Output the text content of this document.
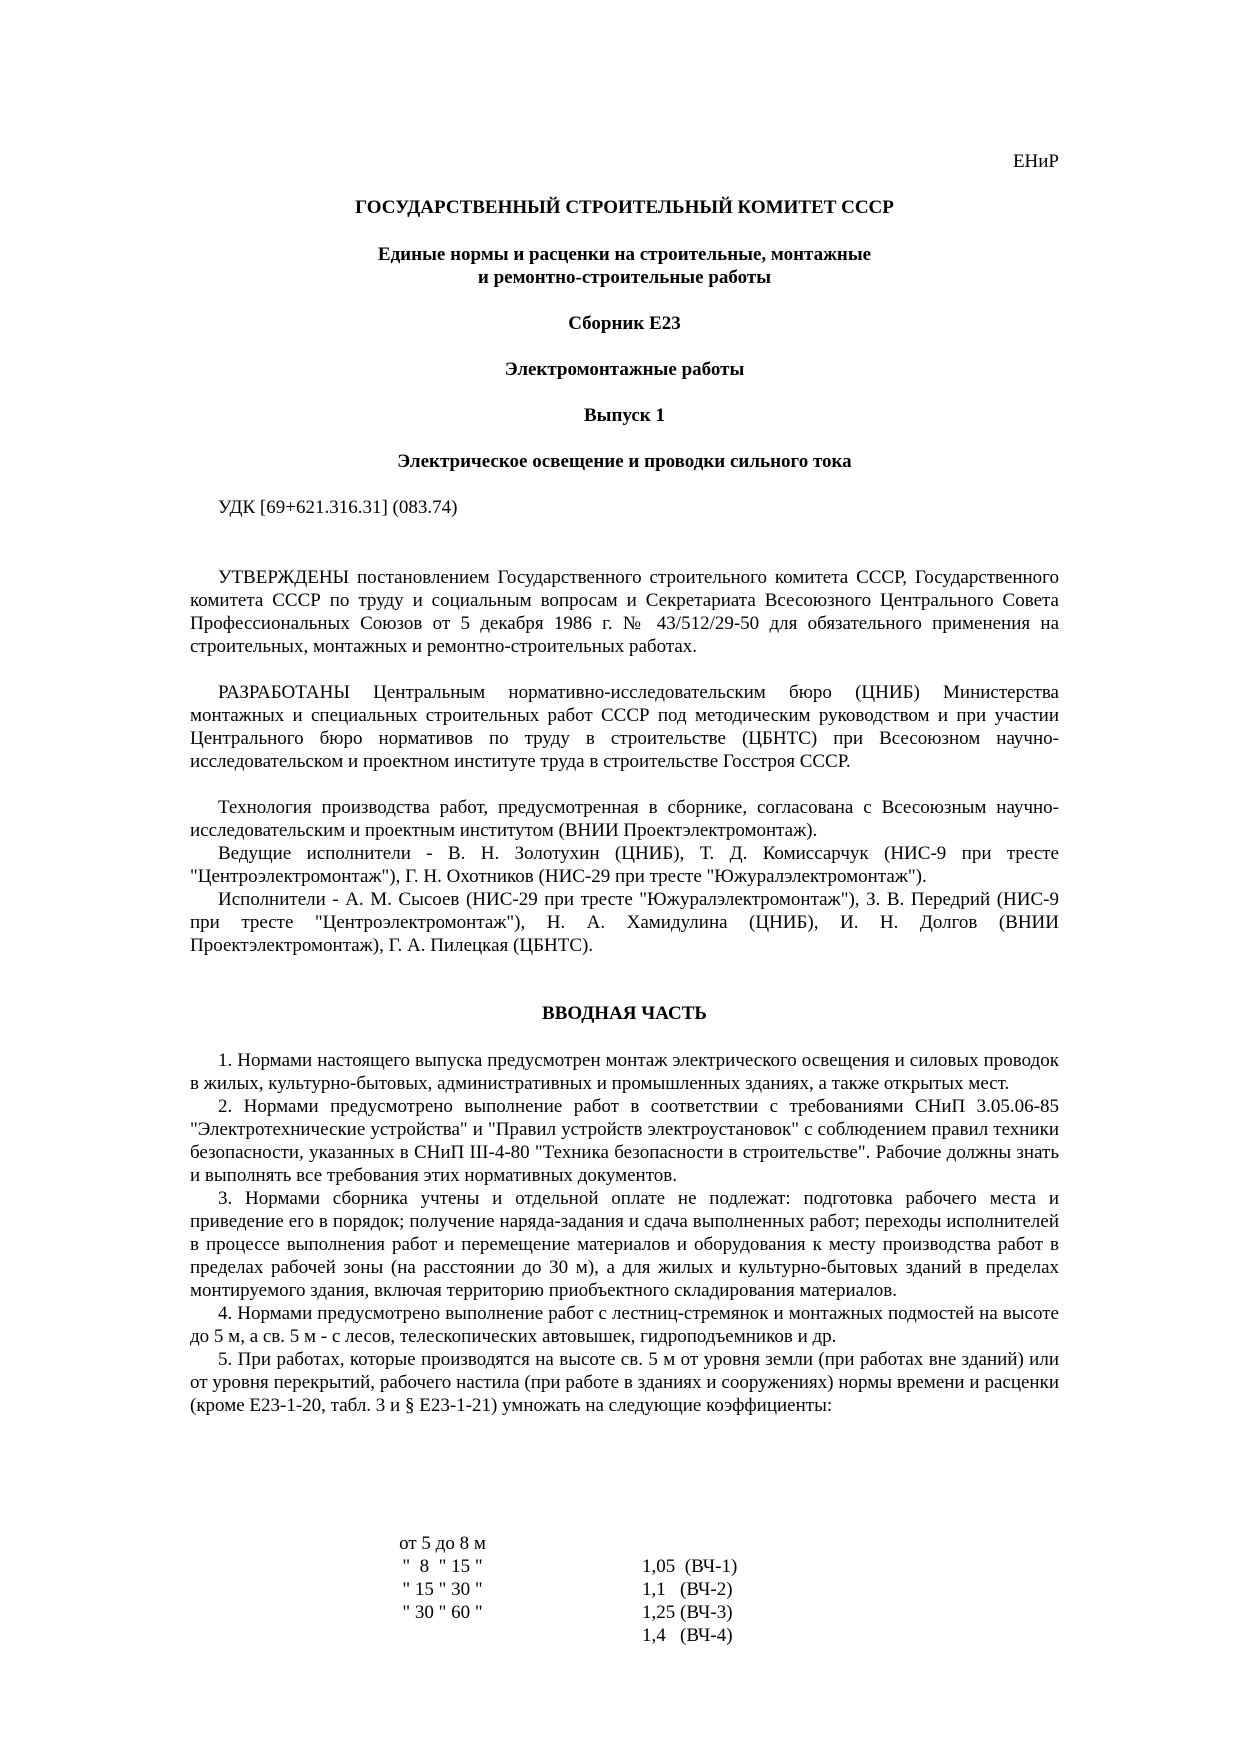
ЕНиР
ГОСУДАРСТВЕННЫЙ СТРОИТЕЛЬНЫЙ КОМИТЕТ СССР
Единые нормы и расценки на строительные, монтажные
и ремонтно-строительные работы
Сборник Е23
Электромонтажные работы
Выпуск 1
Электрическое освещение и проводки сильного тока
УДК [69+621.316.31] (083.74)
УТВЕРЖДЕНЫ постановлением Государственного строительного комитета СССР, Государственного комитета СССР по труду и социальным вопросам и Секретариата Всесоюзного Центрального Совета Профессиональных Союзов от 5 декабря 1986 г. № 43/512/29-50 для обязательного применения на строительных, монтажных и ремонтно-строительных работах.
РАЗРАБОТАНЫ Центральным нормативно-исследовательским бюро (ЦНИБ) Министерства монтажных и специальных строительных работ СССР под методическим руководством и при участии Центрального бюро нормативов по труду в строительстве (ЦБНТС) при Всесоюзном научно-исследовательском и проектном институте труда в строительстве Госстроя СССР.
Технология производства работ, предусмотренная в сборнике, согласована с Всесоюзным научно-исследовательским и проектным институтом (ВНИИ Проектэлектромонтаж).
Ведущие исполнители - В. Н. Золотухин (ЦНИБ), Т. Д. Комиссарчук (НИС-9 при тресте "Центроэлектромонтаж"), Г. Н. Охотников (НИС-29 при тресте "Южуралэлектромонтаж").
Исполнители - А. М. Сысоев (НИС-29 при тресте "Южуралэлектромонтаж"), З. В. Передрий (НИС-9 при тресте "Центроэлектромонтаж"), Н. А. Хамидулина (ЦНИБ), И. Н. Долгов (ВНИИ Проектэлектромонтаж), Г. А. Пилецкая (ЦБНТС).
ВВОДНАЯ ЧАСТЬ
1. Нормами настоящего выпуска предусмотрен монтаж электрического освещения и силовых проводок в жилых, культурно-бытовых, административных и промышленных зданиях, а также открытых мест.
2. Нормами предусмотрено выполнение работ в соответствии с требованиями СНиП 3.05.06-85 "Электротехнические устройства" и "Правил устройств электроустановок" с соблюдением правил техники безопасности, указанных в СНиП III-4-80 "Техника безопасности в строительстве". Рабочие должны знать и выполнять все требования этих нормативных документов.
3. Нормами сборника учтены и отдельной оплате не подлежат: подготовка рабочего места и приведение его в порядок; получение наряда-задания и сдача выполненных работ; переходы исполнителей в процессе выполнения работ и перемещение материалов и оборудования к месту производства работ в пределах рабочей зоны (на расстоянии до 30 м), а для жилых и культурно-бытовых зданий в пределах монтируемого здания, включая территорию приобъектного складирования материалов.
4. Нормами предусмотрено выполнение работ с лестниц-стремянок и монтажных подмостей на высоте до 5 м, а св. 5 м - с лесов, телескопических автовышек, гидроподъемников и др.
5. При работах, которые производятся на высоте св. 5 м от уровня земли (при работах вне зданий) или от уровня перекрытий, рабочего настила (при работе в зданиях и сооружениях) нормы времени и расценки (кроме Е23-1-20, табл. 3 и § Е23-1-21) умножать на следующие коэффициенты:

от 5 до 8 м

1,05  (ВЧ-1)

"  8  " 15 "

1,1   (ВЧ-2)

" 15 " 30 "

1,25 (ВЧ-3)

" 30 " 60 "

1,4   (ВЧ-4)
